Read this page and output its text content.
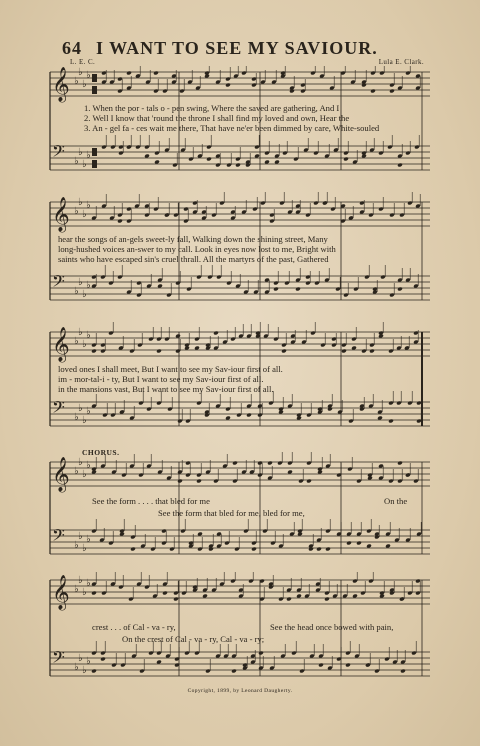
64 I WANT TO SEE MY SAVIOUR.
L. E. C.	Lula E. Clark.
𝄞 ♭
♭
♭
♭
𝄢 ♭
♭
♭
♭
1. When the por - tals o - pen swing, Where the saved are gathering, And I
2. Well I know that 'round the throne I shall find my loved and own, Hear the
3. An - gel fa - ces wait me there, That have ne'er been dimmed by care, White-souled
𝄞 ♭
♭
♭
♭
𝄢 ♭
♭
♭
♭
hear the songs of an-gels sweet-ly fall, Walking down the shining street, Many
long-hushed voices an-swer to my call. Look in eyes now lost to me, Bright with
saints who have escaped sin's cruel thrall. All the martyrs of the past, Gathered
𝄞 ♭
♭
♭
♭
𝄢 ♭
♭
♭
♭
loved ones I shall meet, But I want to see my Sav-iour first of all.
im - mor-tal-i - ty, But I want to see my Sav-iour first of all.
in the mansions vast, But I want to see my Sav-iour first of all.
CHORUS.
𝄞 ♭
♭
♭
♭
𝄢 ♭
♭
♭
♭
See the form . . . . that bled for me	On the
See the form that bled for me, bled for me,
𝄞 ♭
♭
♭
♭
𝄢 ♭
♭
♭
♭
crest . . . of Cal - va - ry,	See the head once bowed with pain,
On the crest of Cal - va - ry, Cal - va - ry;
Copyright, 1899, by Leonard Daugherty.
